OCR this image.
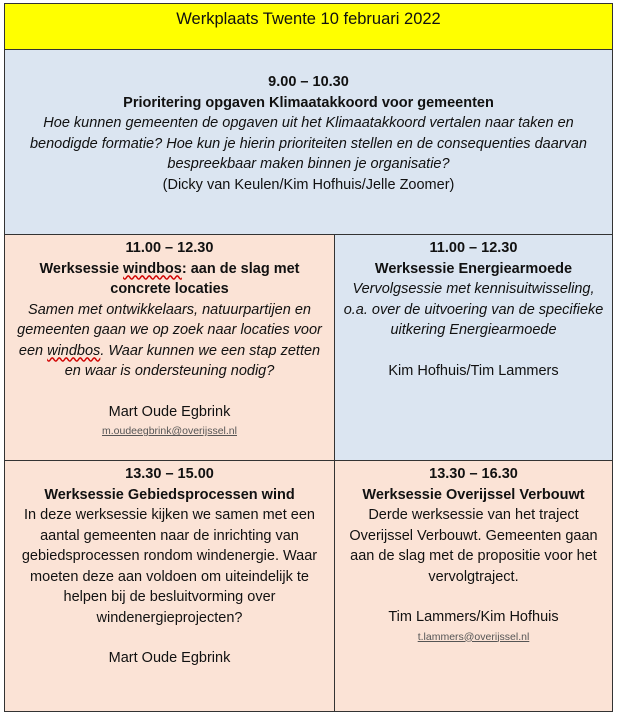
Werkplaats Twente 10 februari 2022
9.00 – 10.30
Prioritering opgaven Klimaatakkoord voor gemeenten
Hoe kunnen gemeenten de opgaven uit het Klimaatakkoord vertalen naar taken en
benodigde formatie? Hoe kun je hierin prioriteiten stellen en de consequenties daarvan
bespreekbaar maken binnen je organisatie?
(Dicky van Keulen/Kim Hofhuis/Jelle Zoomer)
11.00 – 12.30
Werksessie windbos: aan de slag met
concrete locaties
Samen met ontwikkelaars, natuurpartijen en
gemeenten gaan we op zoek naar locaties voor
een windbos. Waar kunnen we een stap zetten
en waar is ondersteuning nodig?
Mart Oude Egbrink
m.oudeegbrink@overijssel.nl
11.00 – 12.30
Werksessie Energiearmoede
Vervolgsessie met kennisuitwisseling,
o.a. over de uitvoering van de specifieke
uitkering Energiearmoede
Kim Hofhuis/Tim Lammers
13.30 – 15.00
Werksessie Gebiedsprocessen wind
In deze werksessie kijken we samen met een
aantal gemeenten naar de inrichting van
gebiedsprocessen rondom windenergie. Waar
moeten deze aan voldoen om uiteindelijk te
helpen bij de besluitvorming over
windenergieprojecten?
Mart Oude Egbrink
13.30 – 16.30
Werksessie Overijssel Verbouwt
Derde werksessie van het traject
Overijssel Verbouwt. Gemeenten gaan
aan de slag met de propositie voor het
vervolgtraject.
Tim Lammers/Kim Hofhuis
t.lammers@overijssel.nl
